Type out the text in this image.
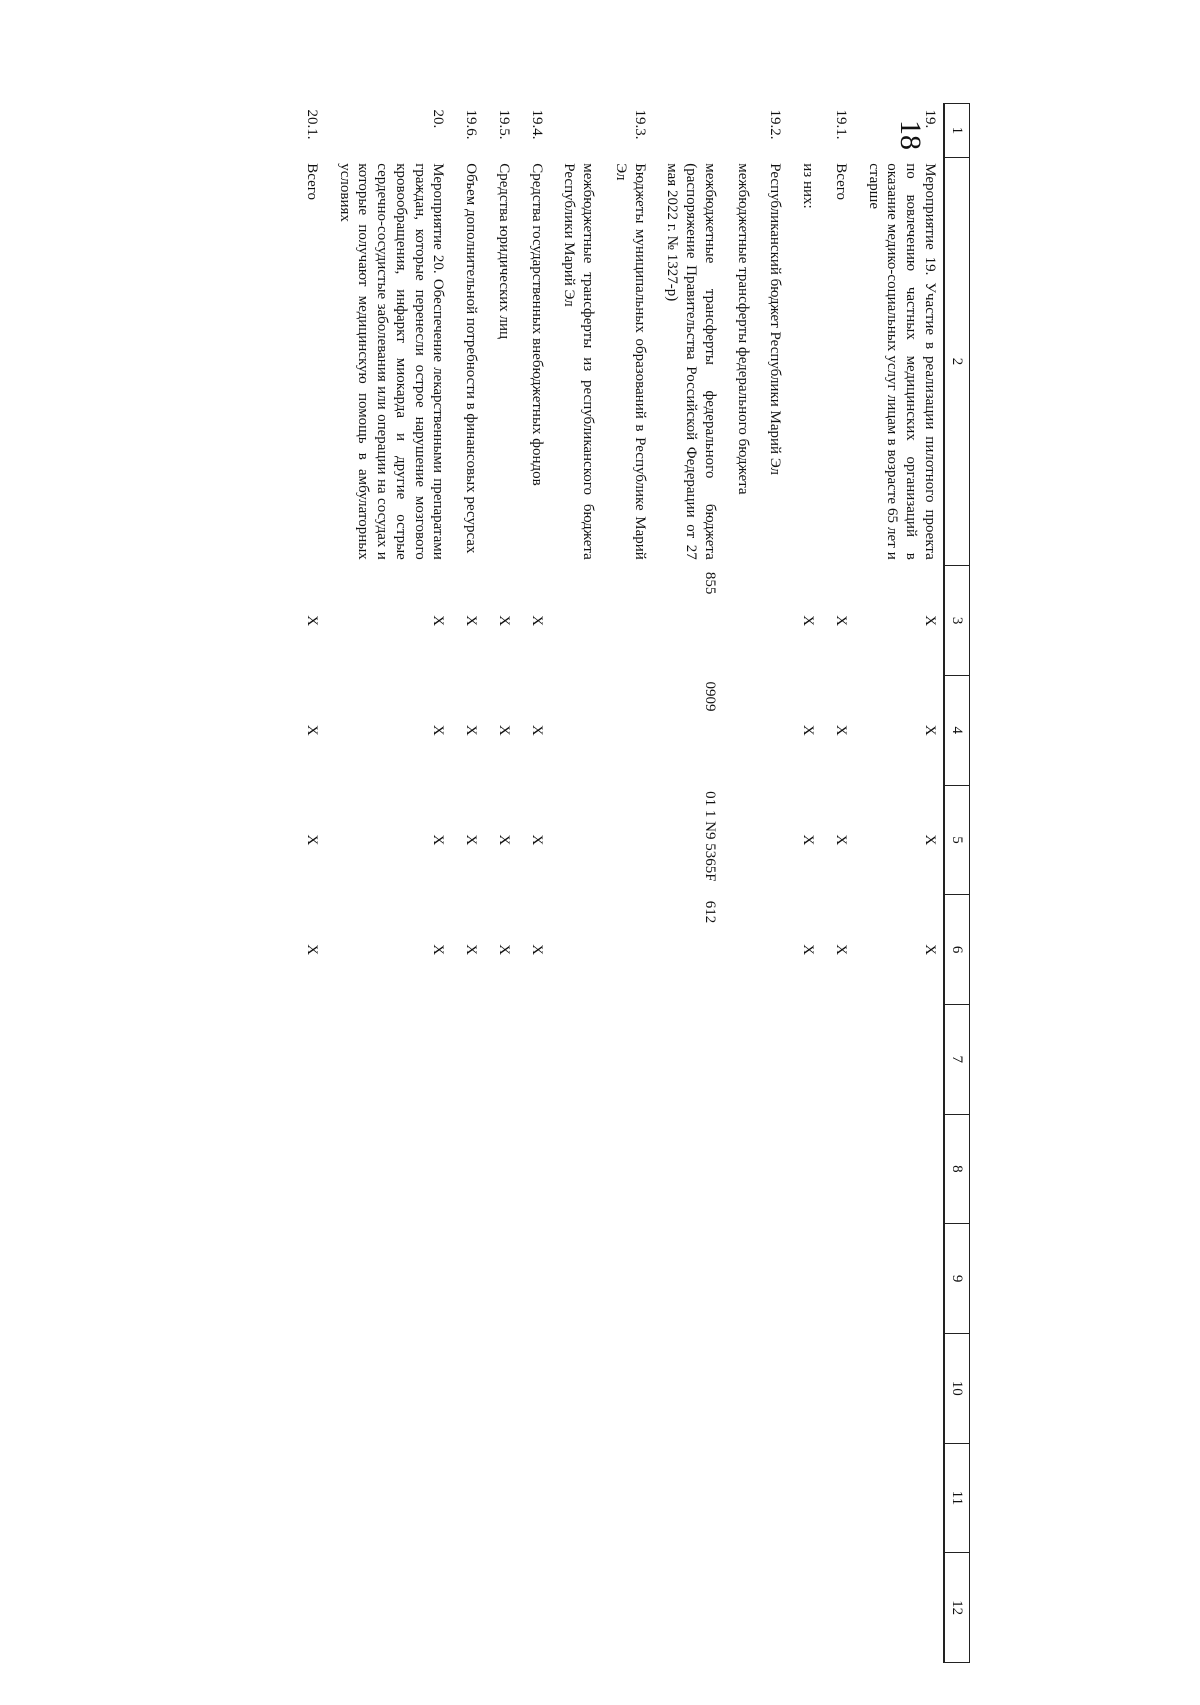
18 1	2	3	4	5	6	7	8	9	10	11	12
19.	Мероприятие 19. Участие в реализации пилотного проекта по вовлечению частных медицинских организаций в оказание медико-социальных услуг лицам в возрасте 65 лет и старше	Х	Х	Х	Х						
19.1.	Всего	Х	Х	Х	Х						
	из них:	Х	Х	Х	Х						
19.2.	Республиканский бюджет Республики Марий Эл										
	межбюджетные трансферты федерального бюджета										
	межбюджетные трансферты федерального бюджета (распоряжение Правительства Российской Федерации от 27 мая 2022 г. № 1327-р)	855	0909	01 1 N9 5365F	612						
19.3.	Бюджеты муниципальных образований в Республике Марий Эл										
	межбюджетные трансферты из республиканского бюджета Республики Марий Эл										
19.4.	Средства государственных внебюджетных фондов	Х	Х	Х	Х						
19.5.	Средства юридических лиц	Х	Х	Х	Х						
19.6.	Объем дополнительной потребности в финансовых ресурсах	Х	Х	Х	Х						
20.	Мероприятие 20. Обеспечение лекарственными препаратами граждан, которые перенесли острое нарушение мозгового кровообращения, инфаркт миокарда и другие острые сердечно-сосудистые заболевания или операции на сосудах и которые получают медицинскую помощь в амбулаторных условиях	Х	Х	Х	Х						
20.1.	Всего	Х	Х	Х	Х						
